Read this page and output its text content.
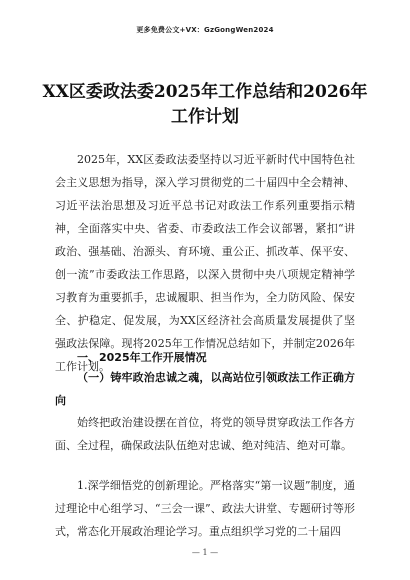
更多免费公文+VX：GzGongWen2024
XX区委政法委2025年工作总结和2026年工作计划

2025年，XX区委政法委坚持以习近平新时代中国特色社会主义思想为指导，深入学习贯彻党的二十届四中全会精神、习近平法治思想及习近平总书记对政法工作系列重要指示精神，全面落实中央、省委、市委政法工作会议部署，紧扣“讲政治、强基础、治源头、育环境、重公正、抓改革、保平安、创一流”市委政法工作思路，以深入贯彻中央八项规定精神学习教育为重要抓手，忠诚履职、担当作为，全力防风险、保安全、护稳定、促发展，为XX区经济社会高质量发展提供了坚强政法保障。现将2025年工作情况总结如下，并制定2026年工作计划。

一、2025年工作开展情况
（一）铸牢政治忠诚之魂，以高站位引领政法工作正确方向

始终把政治建设摆在首位，将党的领导贯穿政法工作各方面、全过程，确保政法队伍绝对忠诚、绝对纯洁、绝对可靠。

1.深学细悟党的创新理论。严格落实“第一议题”制度，通过理论中心组学习、“三会一课”、政法大讲堂、专题研讨等形式，常态化开展政治理论学习。重点组织学习党的二十届四

— 1 —
